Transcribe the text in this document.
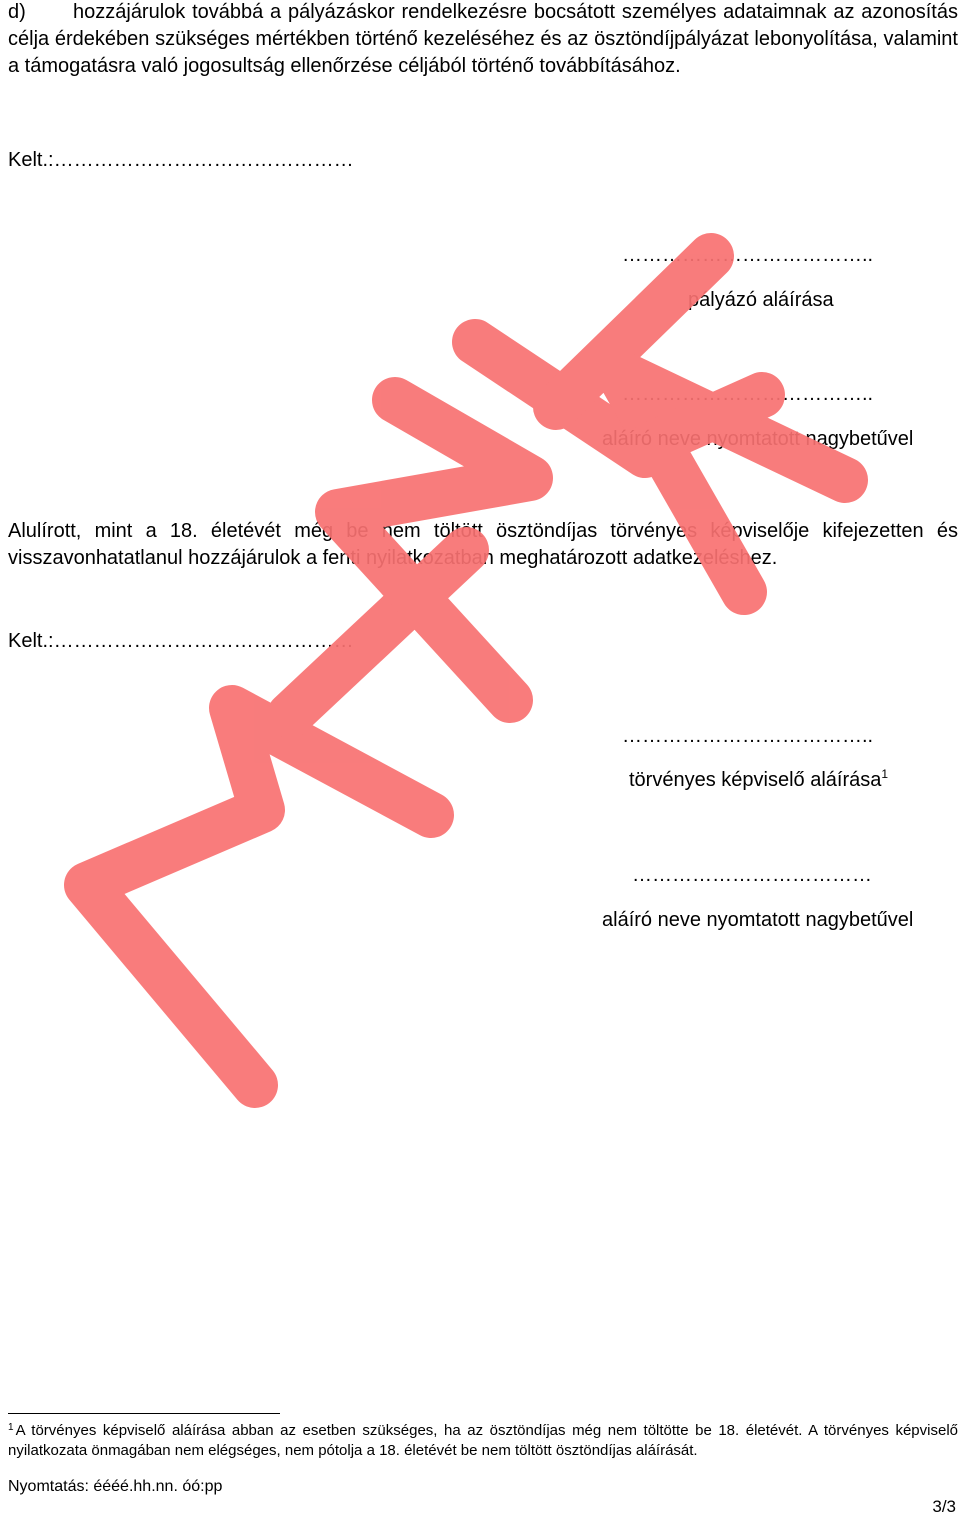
d) hozzájárulok továbbá a pályázáskor rendelkezésre bocsátott személyes adataimnak az azonosítás célja érdekében szükséges mértékben történő kezeléséhez és az ösztöndíjpályázat lebonyolítása, valamint a támogatásra való jogosultság ellenőrzése céljából történő továbbításához.
Kelt.:………………………………………
………………………………..
pályázó aláírása
………………………………..
aláíró neve nyomtatott nagybetűvel
Alulírott, mint a 18. életévét még be nem töltött ösztöndíjas törvényes képviselője kifejezetten és visszavonhatatlanul hozzájárulok a fenti nyilatkozatban meghatározott adatkezeléshez.
Kelt.:………………………………………
………………………………..
törvényes képviselő aláírása$^1$
………………………………
aláíró neve nyomtatott nagybetűvel
$^1$ A törvényes képviselő aláírása abban az esetben szükséges, ha az ösztöndíjas még nem töltötte be 18. életévét. A törvényes képviselő nyilatkozata önmagában nem elégséges, nem pótolja a 18. életévét be nem töltött ösztöndíjas aláírását.
Nyomtatás: éééé.hh.nn. óó:pp
3/3
